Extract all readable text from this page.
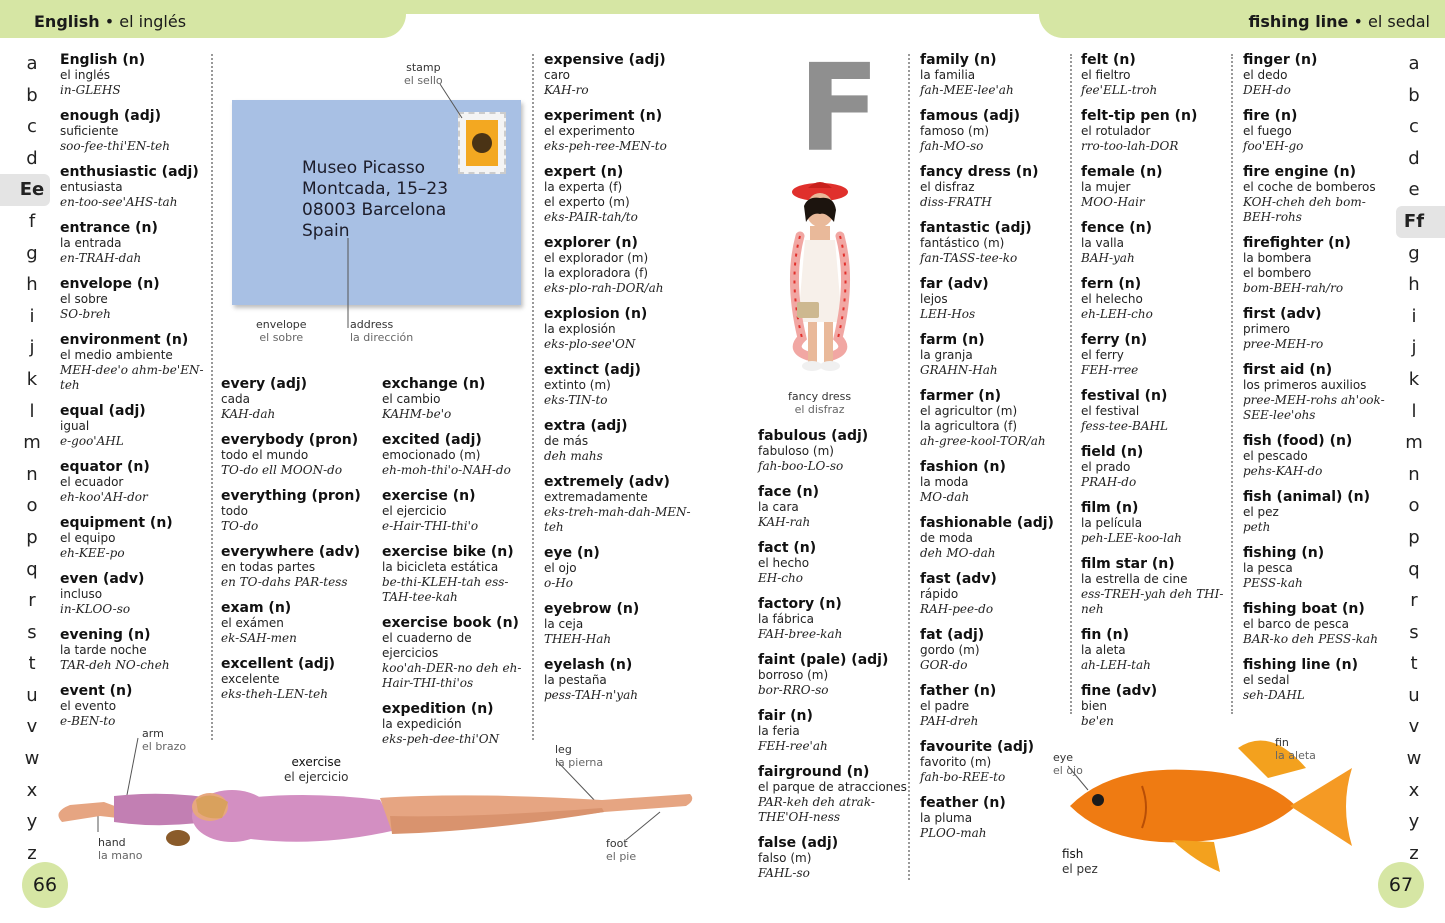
English • el inglés	fishing line • el sedal
a
b
c
d
Ee
f
g
h
i
j
k
l
m
n
o
p
q
r
s
t
u
v
w
x
y
z
a
b
c
d
e
Ff
g
h
i
j
k
l
m
n
o
p
q
r
s
t
u
v
w
x
y
z
66	67
English (n)
el inglés
in-GLEHS
enough (adj)
suficiente
soo-fee-thi'EN-teh
enthusiastic (adj)
entusiasta
en-too-see'AHS-tah
entrance (n)
la entrada
en-TRAH-dah
envelope (n)
el sobre
SO-breh
environment (n)
el medio ambiente
MEH-dee'o ahm-be'EN-teh
equal (adj)
igual
e-goo'AHL
equator (n)
el ecuador
eh-koo'AH-dor
equipment (n)
el equipo
eh-KEE-po
even (adv)
incluso
in-KLOO-so
evening (n)
la tarde noche
TAR-deh NO-cheh
event (n)
el evento
e-BEN-to
every (adj)
cada
KAH-dah
everybody (pron)
todo el mundo
TO-do ell MOON-do
everything (pron)
todo
TO-do
everywhere (adv)
en todas partes
en TO-dahs PAR-tess
exam (n)
el exámen
ek-SAH-men
excellent (adj)
excelente
eks-theh-LEN-teh
exchange (n)
el cambio
KAHM-be'o
excited (adj)
emocionado (m)
eh-moh-thi'o-NAH-do
exercise (n)
el ejercicio
e-Hair-THI-thi'o
exercise bike (n)
la bicicleta estática
be-thi-KLEH-tah ess-TAH-tee-kah
exercise book (n)
el cuaderno de ejercicios
koo'ah-DER-no deh eh-Hair-THI-thi'os
expedition (n)
la expedición
eks-peh-dee-thi'ON
expensive (adj)
caro
KAH-ro
experiment (n)
el experimento
eks-peh-ree-MEN-to
expert (n)
la experta (f)
el experto (m)
eks-PAIR-tah/to
explorer (n)
el explorador (m)
la exploradora (f)
eks-plo-rah-DOR/ah
explosion (n)
la explosión
eks-plo-see'ON
extinct (adj)
extinto (m)
eks-TIN-to
extra (adj)
de más
deh mahs
extremely (adv)
extremadamente
eks-treh-mah-dah-MEN-teh
eye (n)
el ojo
o-Ho
eyebrow (n)
la ceja
THEH-Hah
eyelash (n)
la pestaña
pess-TAH-n'yah
fabulous (adj)
fabuloso (m)
fah-boo-LO-so
face (n)
la cara
KAH-rah
fact (n)
el hecho
EH-cho
factory (n)
la fábrica
FAH-bree-kah
faint (pale) (adj)
borroso (m)
bor-RRO-so
fair (n)
la feria
FEH-ree'ah
fairground (n)
el parque de atracciones
PAR-keh deh atrak-THE'OH-ness
false (adj)
falso (m)
FAHL-so
family (n)
la familia
fah-MEE-lee'ah
famous (adj)
famoso (m)
fah-MO-so
fancy dress (n)
el disfraz
diss-FRATH
fantastic (adj)
fantástico (m)
fan-TASS-tee-ko
far (adv)
lejos
LEH-Hos
farm (n)
la granja
GRAHN-Hah
farmer (n)
el agricultor (m)
la agricultora (f)
ah-gree-kool-TOR/ah
fashion (n)
la moda
MO-dah
fashionable (adj)
de moda
deh MO-dah
fast (adv)
rápido
RAH-pee-do
fat (adj)
gordo (m)
GOR-do
father (n)
el padre
PAH-dreh
favourite (adj)
favorito (m)
fah-bo-REE-to
feather (n)
la pluma
PLOO-mah
felt (n)
el fieltro
fee'ELL-troh
felt-tip pen (n)
el rotulador
rro-too-lah-DOR
female (n)
la mujer
MOO-Hair
fence (n)
la valla
BAH-yah
fern (n)
el helecho
eh-LEH-cho
ferry (n)
el ferry
FEH-rree
festival (n)
el festival
fess-tee-BAHL
field (n)
el prado
PRAH-do
film (n)
la película
peh-LEE-koo-lah
film star (n)
la estrella de cine
ess-TREH-yah deh THI-neh
fin (n)
la aleta
ah-LEH-tah
fine (adv)
bien
be'en
finger (n)
el dedo
DEH-do
fire (n)
el fuego
foo'EH-go
fire engine (n)
el coche de bomberos
KOH-cheh deh bom-BEH-rohs
firefighter (n)
la bombera
el bombero
bom-BEH-rah/ro
first (adv)
primero
pree-MEH-ro
first aid (n)
los primeros auxilios
pree-MEH-rohs ah'ook-SEE-lee'ohs
fish (food) (n)
el pescado
pehs-KAH-do
fish (animal) (n)
el pez
peth
fishing (n)
la pesca
PESS-kah
fishing boat (n)
el barco de pesca
BAR-ko deh PESS-kah
fishing line (n)
el sedal
seh-DAHL
F
Museo Picasso
Montcada, 15–23
08003 Barcelona
Spain
stamp
el sello
envelope
el sobre
address
la dirección
fancy dress
el disfraz
arm
el brazo
exercise
el ejercicio
leg
la pierna
hand
la mano
foot
el pie
eye
el ojo
fin
la aleta
fish
el pez
